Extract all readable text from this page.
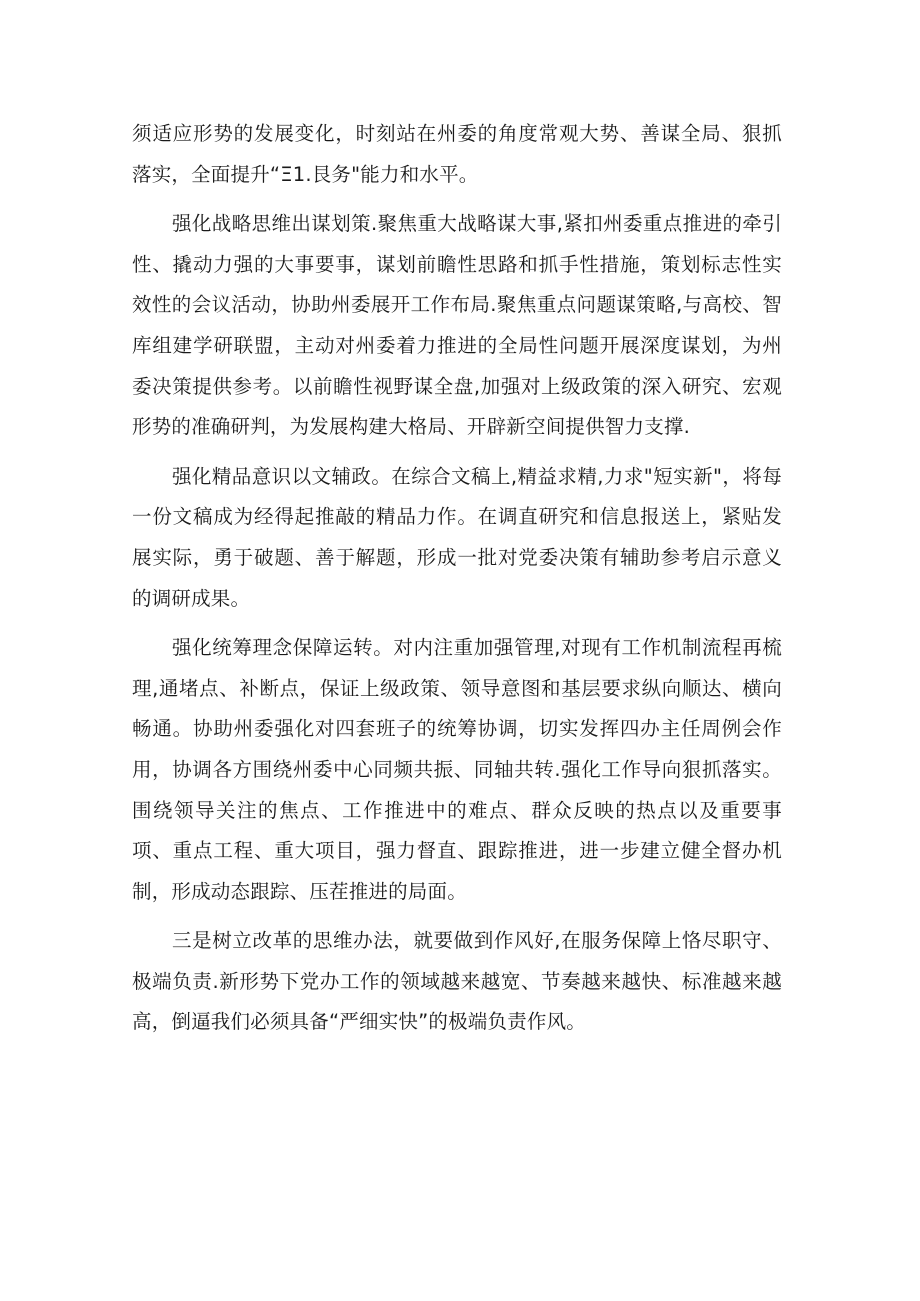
须适应形势的发展变化，时刻站在州委的角度常观大势、善谋全局、狠抓落实，全面提升“Ξ1.艮务"能力和水平。

强化战略思维出谋划策.聚焦重大战略谋大事,紧扣州委重点推进的牵引性、撬动力强的大事要事，谋划前瞻性思路和抓手性措施，策划标志性实效性的会议活动，协助州委展开工作布局.聚焦重点问题谋策略,与高校、智库组建学研联盟，主动对州委着力推进的全局性问题开展深度谋划，为州委决策提供参考。以前瞻性视野谋全盘,加强对上级政策的深入研究、宏观形势的准确研判，为发展构建大格局、开辟新空间提供智力支撑.

强化精品意识以文辅政。在综合文稿上,精益求精,力求"短实新"，将每一份文稿成为经得起推敲的精品力作。在调直研究和信息报送上，紧贴发展实际，勇于破题、善于解题，形成一批对党委决策有辅助参考启示意义的调研成果。

强化统筹理念保障运转。对内注重加强管理,对现有工作机制流程再梳理,通堵点、补断点，保证上级政策、领导意图和基层要求纵向顺达、横向畅通。协助州委强化对四套班子的统筹协调，切实发挥四办主任周例会作用，协调各方围绕州委中心同频共振、同轴共转.强化工作导向狠抓落实。围绕领导关注的焦点、工作推进中的难点、群众反映的热点以及重要事项、重点工程、重大项目，强力督直、跟踪推进，进一步建立健全督办机制，形成动态跟踪、压茬推进的局面。

三是树立改革的思维办法，就要做到作风好,在服务保障上恪尽职守、极端负责.新形势下党办工作的领域越来越宽、节奏越来越快、标准越来越高，倒逼我们必须具备“严细实快”的极端负责作风。
